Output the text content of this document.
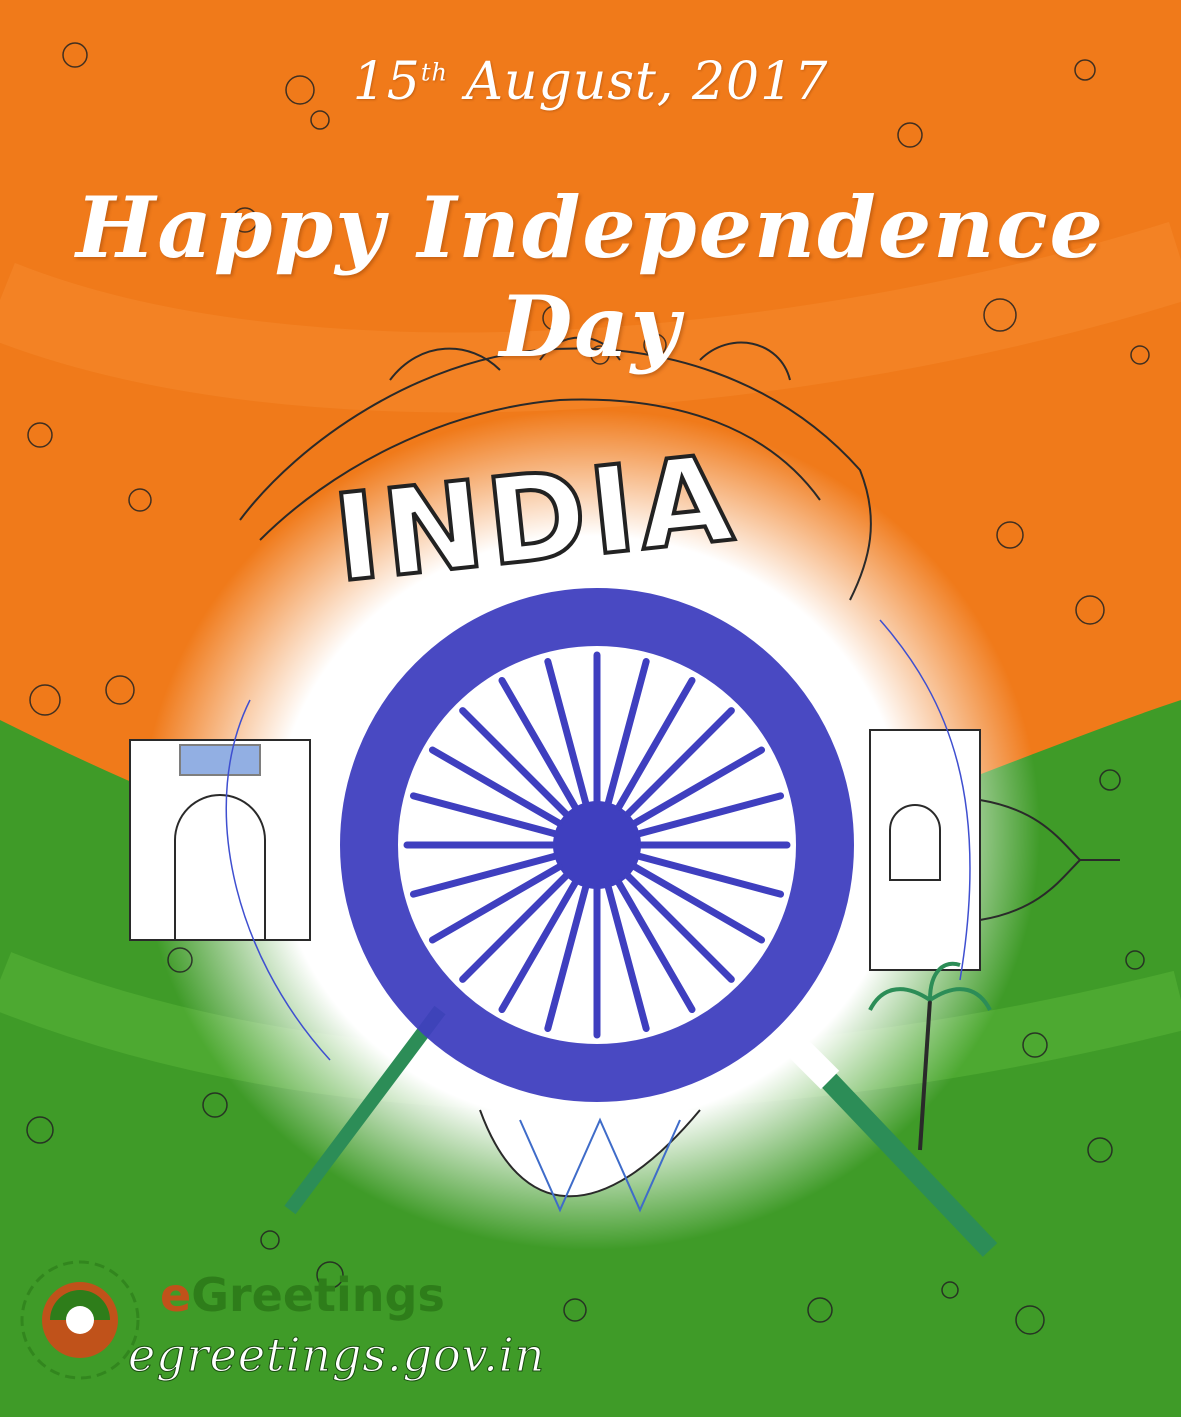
15th August, 2017
Happy Independence Day
INDIA
eGreetings
egreetings.gov.in
